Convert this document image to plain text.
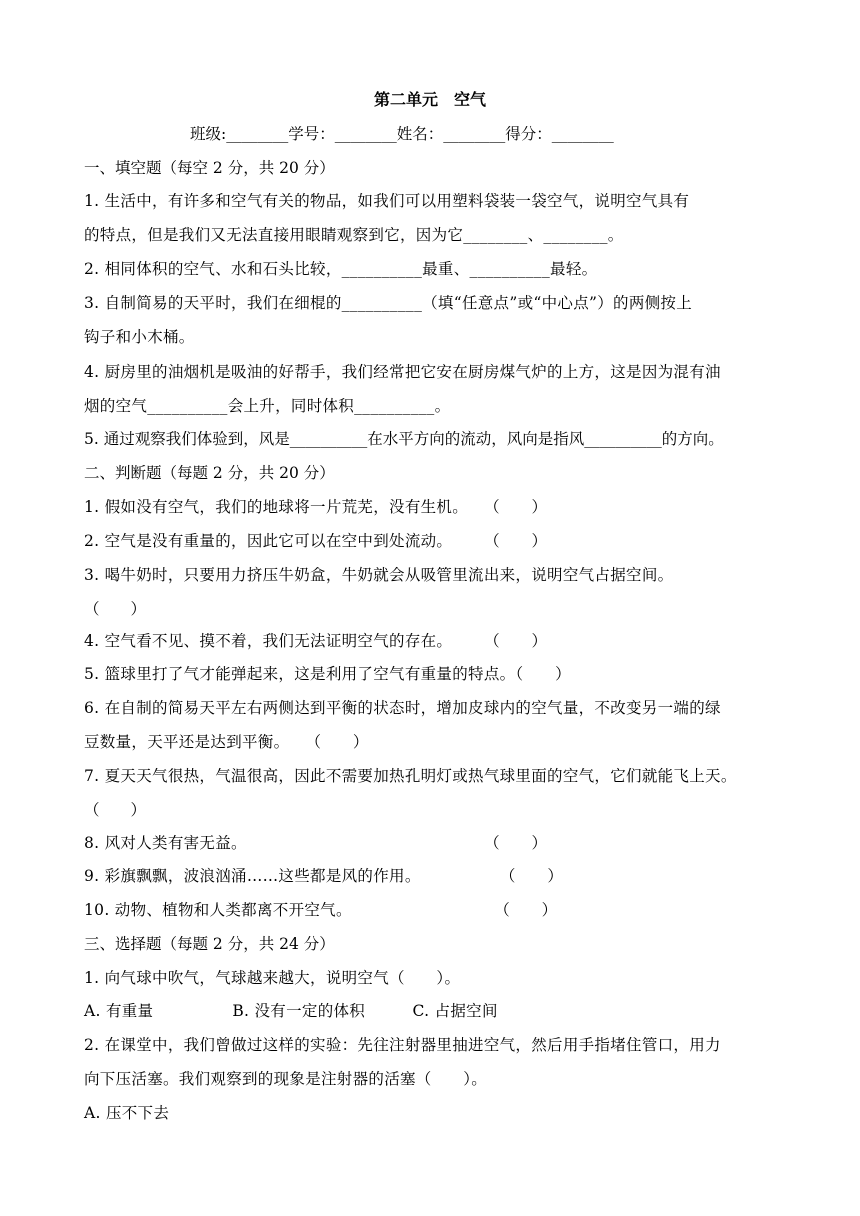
第二单元　空气
班级:________学号：________姓名：________得分：________
一、填空题（每空 2 分，共 20 分）
1. 生活中，有许多和空气有关的物品，如我们可以用塑料袋装一袋空气，说明空气具有
的特点，但是我们又无法直接用眼睛观察到它，因为它________、________。
2. 相同体积的空气、水和石头比较，__________最重、__________最轻。
3. 自制简易的天平时，我们在细棍的__________（填“任意点”或“中心点”）的两侧按上
钩子和小木桶。
4. 厨房里的油烟机是吸油的好帮手，我们经常把它安在厨房煤气炉的上方，这是因为混有油
烟的空气__________会上升，同时体积__________。
5. 通过观察我们体验到，风是__________在水平方向的流动，风向是指风__________的方向。
二、判断题（每题 2 分，共 20 分）
1. 假如没有空气，我们的地球将一片荒芜，没有生机。　　（　　）
2. 空气是没有重量的，因此它可以在空中到处流动。　　　（　　）
3. 喝牛奶时，只要用力挤压牛奶盒，牛奶就会从吸管里流出来，说明空气占据空间。
（　　）
4. 空气看不见、摸不着，我们无法证明空气的存在。　　　（　　）
5. 篮球里打了气才能弹起来，这是利用了空气有重量的特点。（　　）
6. 在自制的简易天平左右两侧达到平衡的状态时，增加皮球内的空气量，不改变另一端的绿
豆数量，天平还是达到平衡。　　（　　）
7. 夏天天气很热，气温很高，因此不需要加热孔明灯或热气球里面的空气，它们就能飞上天。
（　　）
8. 风对人类有害无益。　　　　　　　　　　　　　　　　（　　）
9. 彩旗飘飘，波浪汹涌……这些都是风的作用。　　　　　　（　　）
10. 动物、植物和人类都离不开空气。　　　　　　　　　　（　　）
三、选择题（每题 2 分，共 24 分）
1. 向气球中吹气，气球越来越大，说明空气（　　）。
A. 有重量　　　　　B. 没有一定的体积　　　C. 占据空间
2. 在课堂中，我们曾做过这样的实验：先往注射器里抽进空气，然后用手指堵住管口，用力
向下压活塞。我们观察到的现象是注射器的活塞（　　）。
A. 压不下去
